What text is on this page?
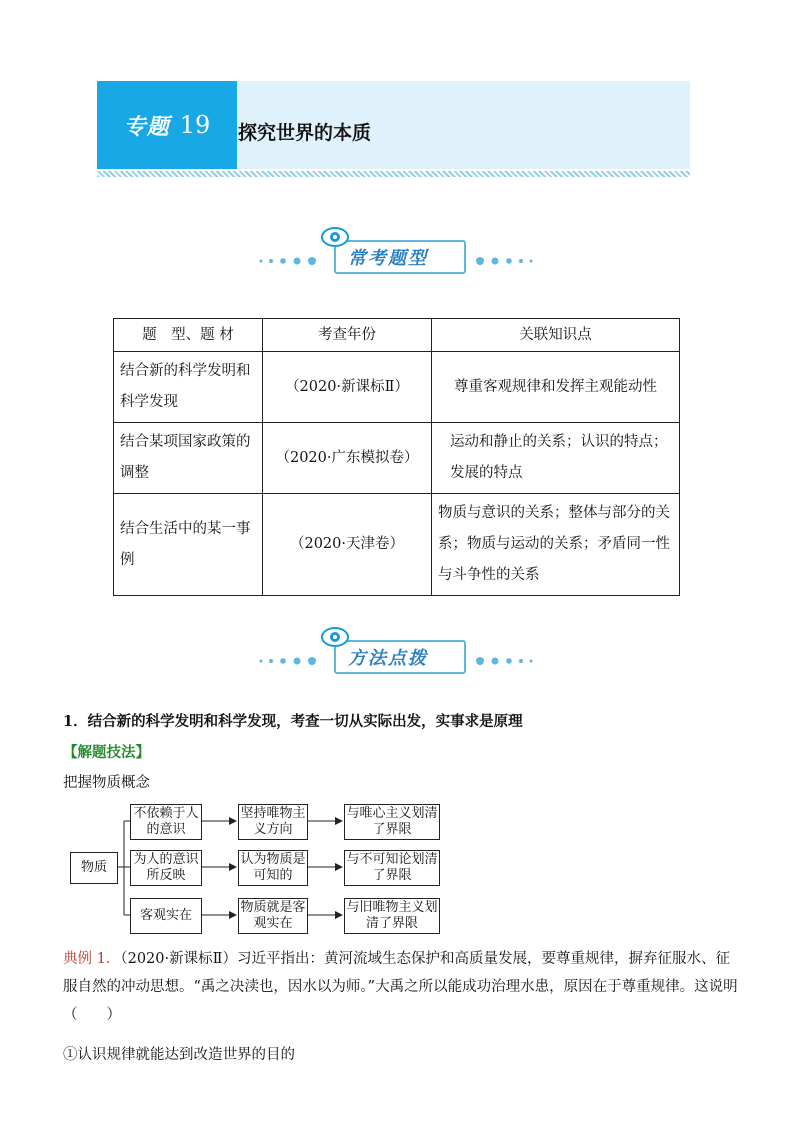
专题 19 探究世界的本质
常考题型
题　型、题 材	考查年份	关联知识点
结合新的科学发明和科学发现	（2020·新课标Ⅱ）	尊重客观规律和发挥主观能动性
结合某项国家政策的调整	（2020·广东模拟卷）	运动和静止的关系；认识的特点；发展的特点
结合生活中的某一事例	（2020·天津卷）	物质与意识的关系；整体与部分的关系；物质与运动的关系；矛盾同一性与斗争性的关系
方法点拨
1．结合新的科学发明和科学发现，考查一切从实际出发，实事求是原理
【解题技法】
把握物质概念
物质
不依赖于人的意识
坚持唯物主义方向
与唯心主义划清了界限
为人的意识所反映
认为物质是可知的
与不可知论划清了界限
客观实在
物质就是客观实在
与旧唯物主义划清了界限
典例 1．（2020·新课标Ⅱ）习近平指出：黄河流域生态保护和高质量发展，要尊重规律，摒弃征服水、征服自然的冲动思想。“禹之决渎也，因水以为师。”大禹之所以能成功治理水患，原因在于尊重规律。这说明（　　）
①认识规律就能达到改造世界的目的
